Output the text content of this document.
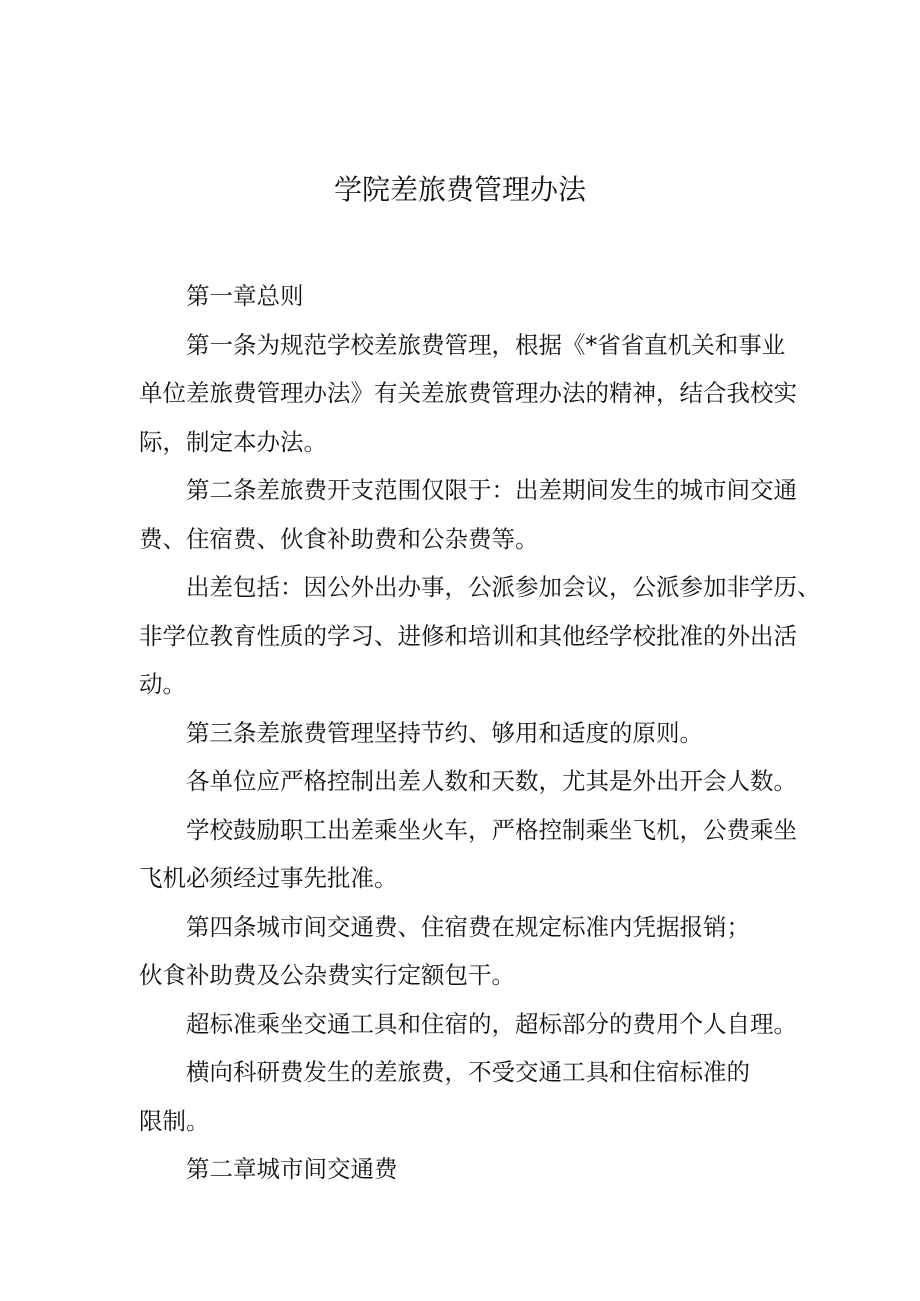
学院差旅费管理办法
第一章总则
第一条为规范学校差旅费管理，根据《*省省直机关和事业
单位差旅费管理办法》有关差旅费管理办法的精神，结合我校实
际，制定本办法。
第二条差旅费开支范围仅限于：出差期间发生的城市间交通
费、住宿费、伙食补助费和公杂费等。
出差包括：因公外出办事，公派参加会议，公派参加非学历、
非学位教育性质的学习、进修和培训和其他经学校批准的外出活
动。
第三条差旅费管理坚持节约、够用和适度的原则。
各单位应严格控制出差人数和天数，尤其是外出开会人数。
学校鼓励职工出差乘坐火车，严格控制乘坐飞机，公费乘坐
飞机必须经过事先批准。
第四条城市间交通费、住宿费在规定标准内凭据报销；
伙食补助费及公杂费实行定额包干。
超标准乘坐交通工具和住宿的，超标部分的费用个人自理。
横向科研费发生的差旅费，不受交通工具和住宿标准的
限制。
第二章城市间交通费
